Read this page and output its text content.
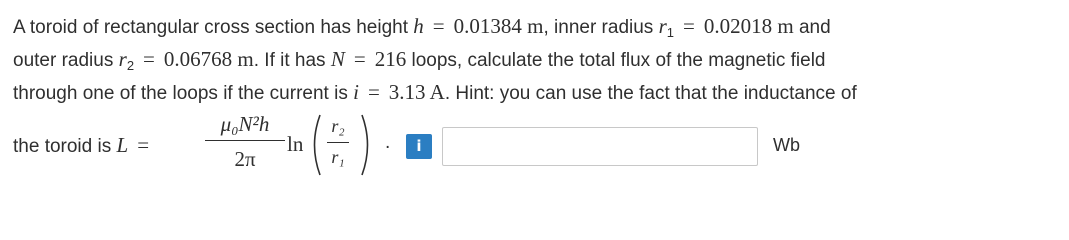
A toroid of rectangular cross section has height h = 0.01384 m, inner radius $r_1 = 0.02018$ m and
outer radius $r_2 = 0.06768$ m. If it has N = 216 loops, calculate the total flux of the magnetic field
through one of the loops if the current is i = 3.13 A. Hint: you can use the fact that the inductance of
the toroid is L =
μ₀N²h
2π
ln
r₂
r₁
.	i	Wb
